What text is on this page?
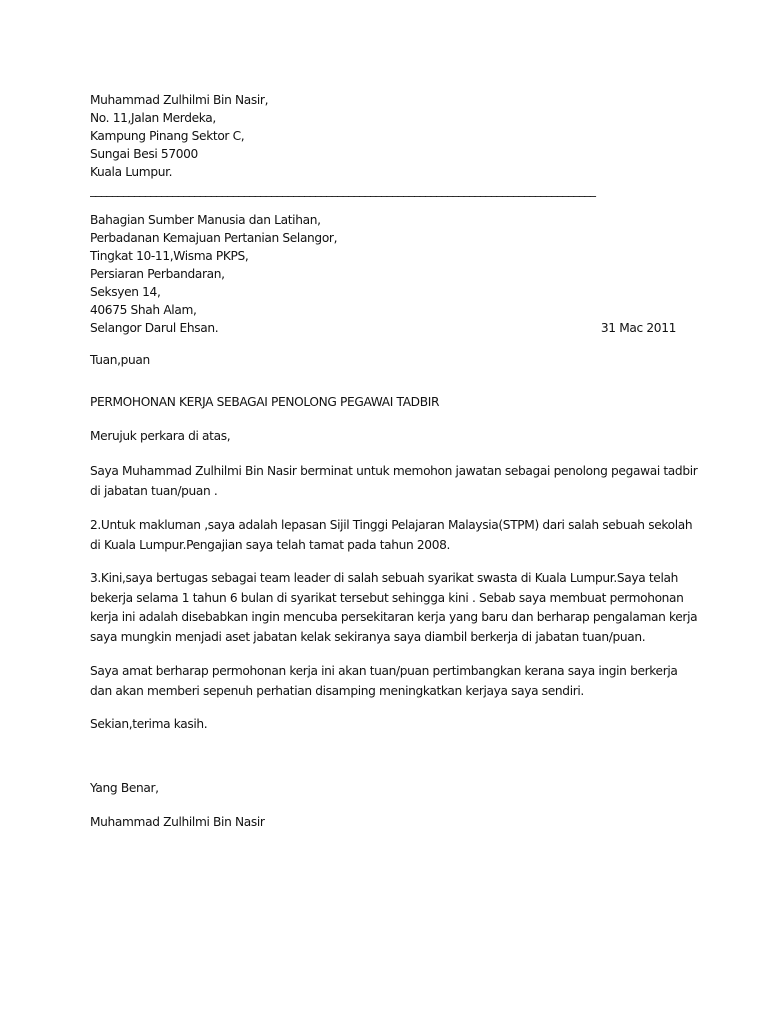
Muhammad Zulhilmi Bin Nasir,
No. 11,Jalan Merdeka,
Kampung Pinang Sektor C,
Sungai Besi 57000
Kuala Lumpur.
____________________________________________________________________________________________
Bahagian Sumber Manusia dan Latihan,
Perbadanan Kemajuan Pertanian Selangor,
Tingkat 10-11,Wisma PKPS,
Persiaran Perbandaran,
Seksyen 14,
40675 Shah Alam,
Selangor Darul Ehsan.	31 Mac 2011
Tuan,puan
PERMOHONAN KERJA SEBAGAI PENOLONG PEGAWAI TADBIR
Merujuk perkara di atas,
Saya Muhammad Zulhilmi Bin Nasir berminat untuk memohon jawatan sebagai penolong pegawai tadbir
di jabatan tuan/puan .
2.Untuk makluman ,saya adalah lepasan Sijil Tinggi Pelajaran Malaysia(STPM) dari salah sebuah sekolah
di Kuala Lumpur.Pengajian saya telah tamat pada tahun 2008.
3.Kini,saya bertugas sebagai team leader di salah sebuah syarikat swasta di Kuala Lumpur.Saya telah
bekerja selama 1 tahun 6 bulan di syarikat tersebut sehingga kini . Sebab saya membuat permohonan
kerja ini adalah disebabkan ingin mencuba persekitaran kerja yang baru dan berharap pengalaman kerja
saya mungkin menjadi aset jabatan kelak sekiranya saya diambil berkerja di jabatan tuan/puan.
Saya amat berharap permohonan kerja ini akan tuan/puan pertimbangkan kerana saya ingin berkerja
dan akan memberi sepenuh perhatian disamping meningkatkan kerjaya saya sendiri.
Sekian,terima kasih.
Yang Benar,
Muhammad Zulhilmi Bin Nasir
